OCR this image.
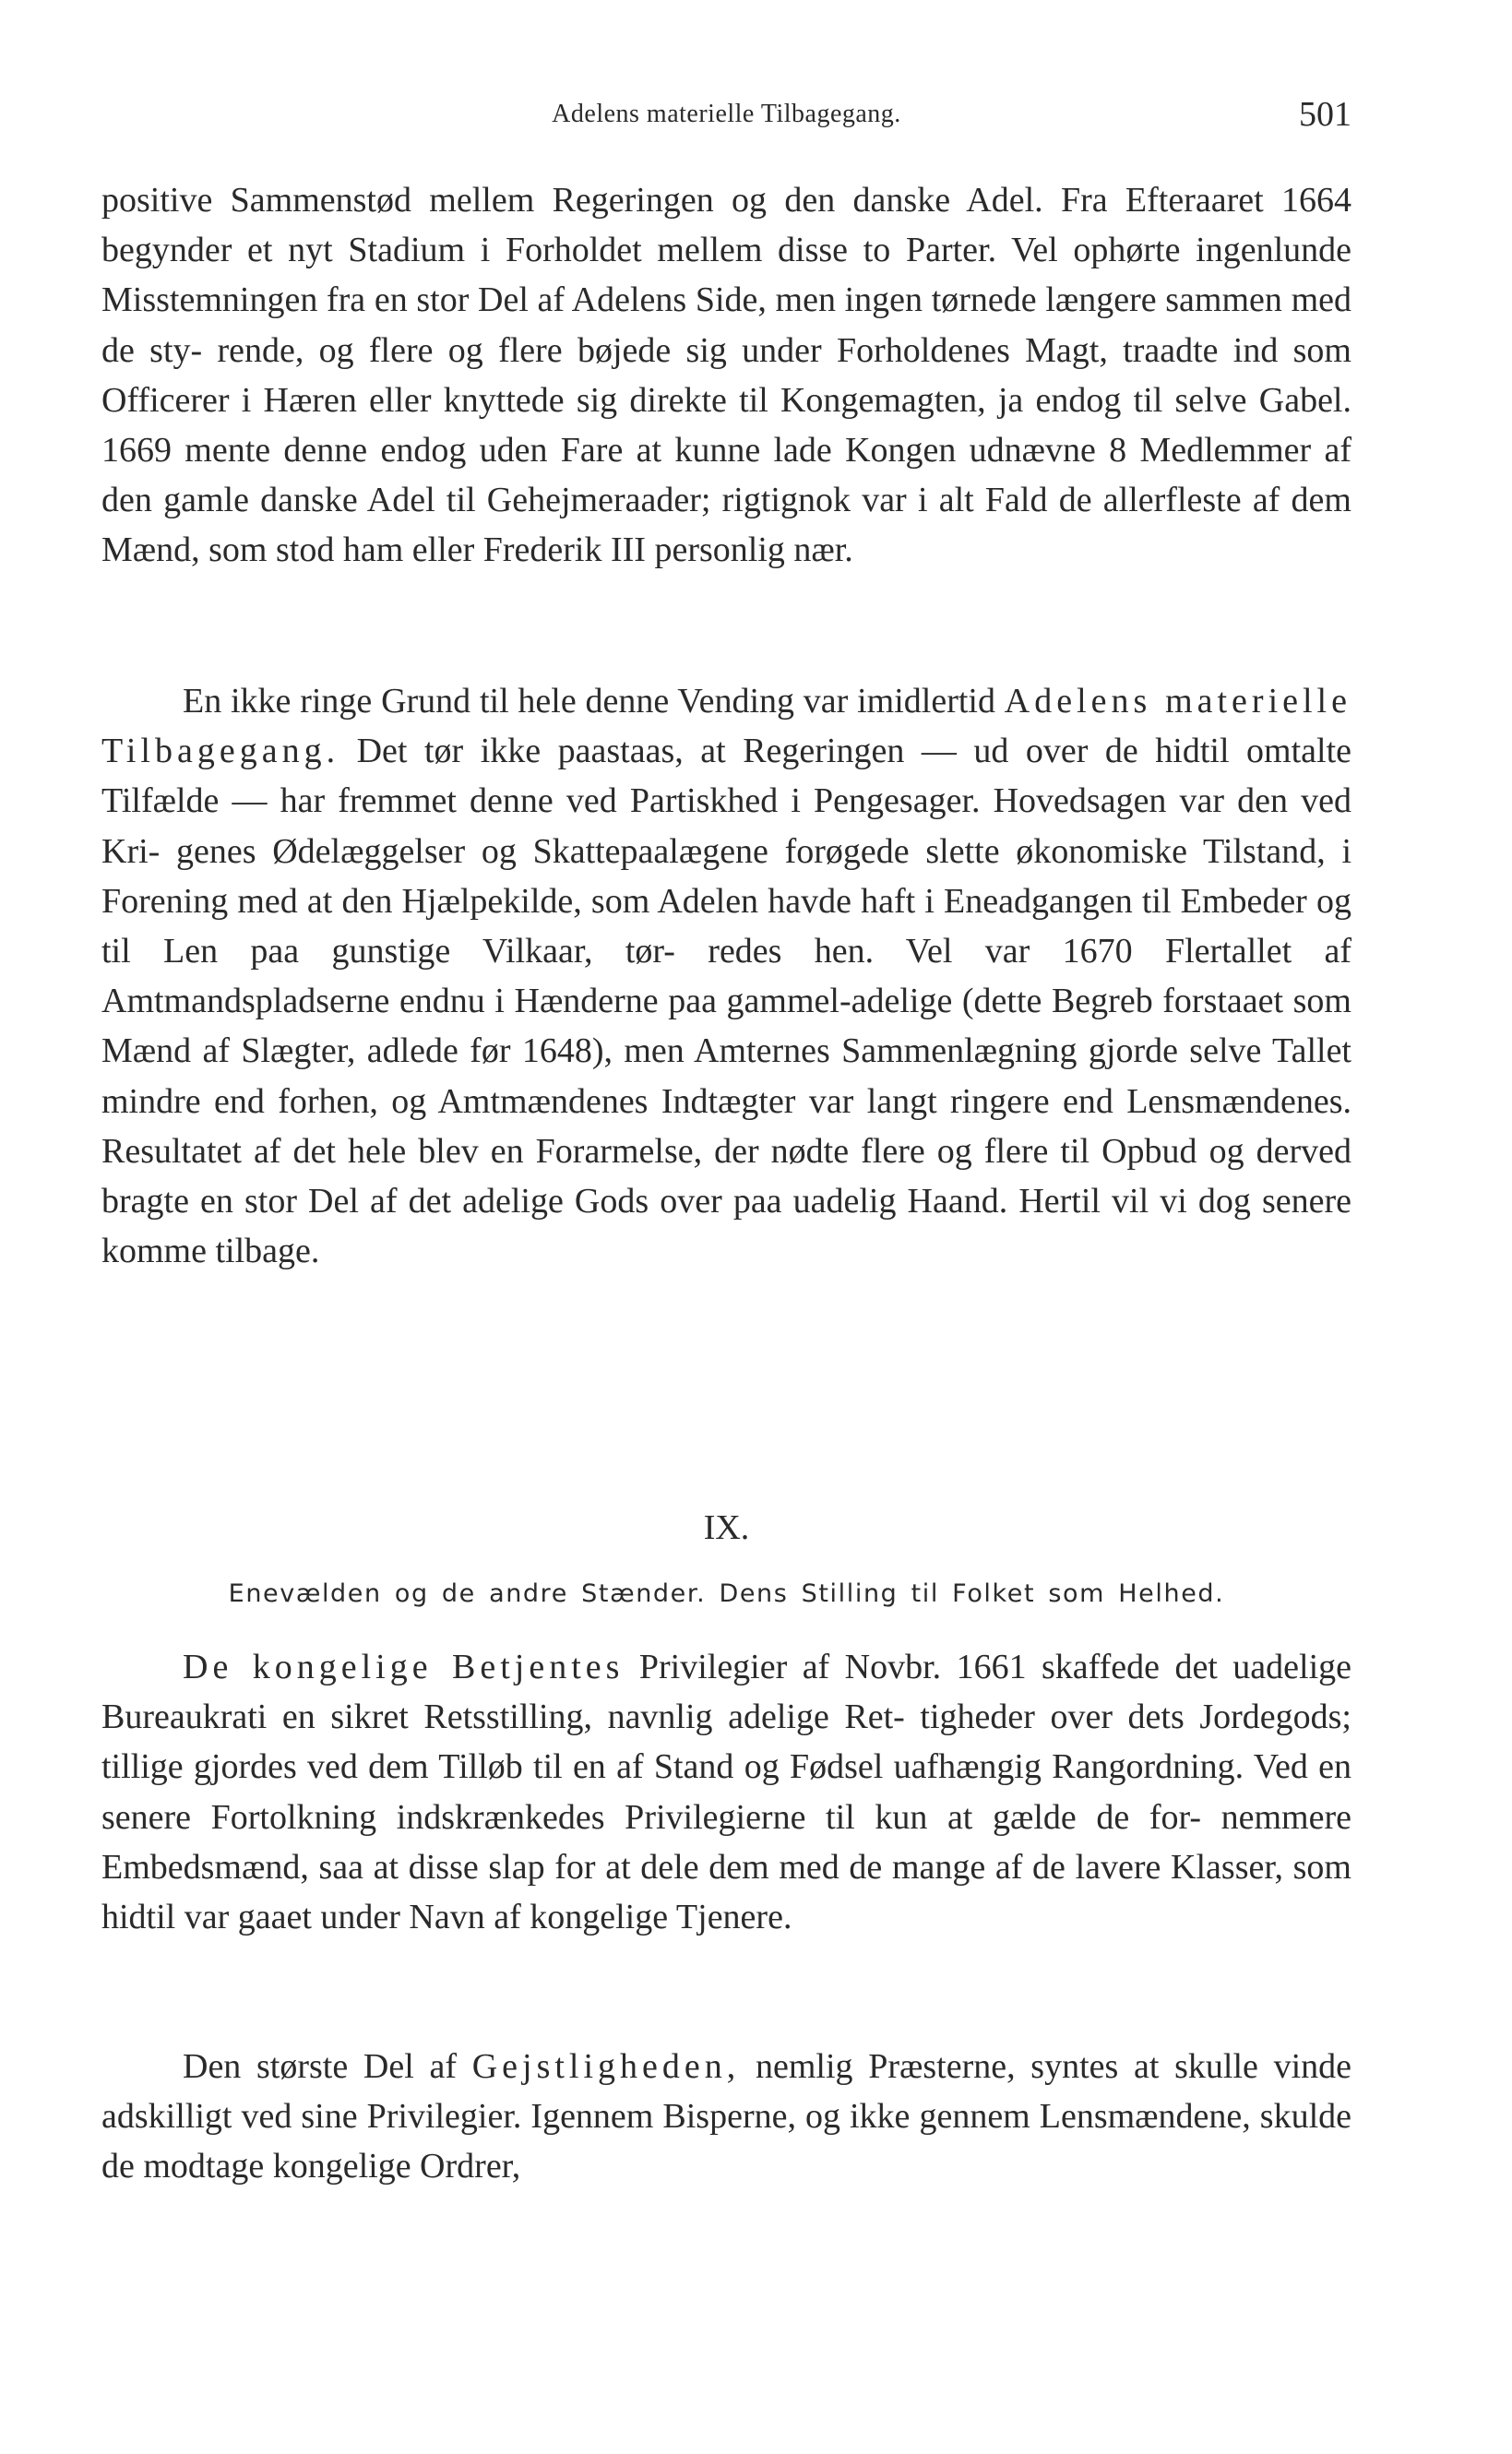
Adelens materielle Tilbagegang.	501

positive Sammenstød mellem Regeringen og den danske Adel. Fra Efteraaret 1664 begynder et nyt Stadium i Forholdet mellem disse to Parter. Vel ophørte ingenlunde Misstemningen fra en stor Del af Adelens Side, men ingen tørnede længere sammen med de sty- rende, og flere og flere bøjede sig under Forholdenes Magt, traadte ind som Officerer i Hæren eller knyttede sig direkte til Kongemagten, ja endog til selve Gabel. 1669 mente denne endog uden Fare at kunne lade Kongen udnævne 8 Medlemmer af den gamle danske Adel til Gehejmeraader; rigtignok var i alt Fald de allerfleste af dem Mænd, som stod ham eller Frederik III personlig nær.

En ikke ringe Grund til hele denne Vending var imidlertid Adelens materielle Tilbagegang. Det tør ikke paastaas, at Regeringen — ud over de hidtil omtalte Tilfælde — har fremmet denne ved Partiskhed i Pengesager. Hovedsagen var den ved Kri- genes Ødelæggelser og Skattepaalægene forøgede slette økonomiske Tilstand, i Forening med at den Hjælpekilde, som Adelen havde haft i Eneadgangen til Embeder og til Len paa gunstige Vilkaar, tør- redes hen. Vel var 1670 Flertallet af Amtmandspladserne endnu i Hænderne paa gammel-adelige (dette Begreb forstaaet som Mænd af Slægter, adlede før 1648), men Amternes Sammenlægning gjorde selve Tallet mindre end forhen, og Amtmændenes Indtægter var langt ringere end Lensmændenes. Resultatet af det hele blev en Forarmelse, der nødte flere og flere til Opbud og derved bragte en stor Del af det adelige Gods over paa uadelig Haand. Hertil vil vi dog senere komme tilbage.

IX.
Enevælden og de andre Stænder. Dens Stilling til Folket som Helhed.

De kongelige Betjentes Privilegier af Novbr. 1661 skaffede det uadelige Bureaukrati en sikret Retsstilling, navnlig adelige Ret- tigheder over dets Jordegods; tillige gjordes ved dem Tilløb til en af Stand og Fødsel uafhængig Rangordning. Ved en senere Fortolkning indskrænkedes Privilegierne til kun at gælde de for- nemmere Embedsmænd, saa at disse slap for at dele dem med de mange af de lavere Klasser, som hidtil var gaaet under Navn af kongelige Tjenere.

Den største Del af Gejstligheden, nemlig Præsterne, syntes at skulle vinde adskilligt ved sine Privilegier. Igennem Bisperne, og ikke gennem Lensmændene, skulde de modtage kongelige Ordrer,
